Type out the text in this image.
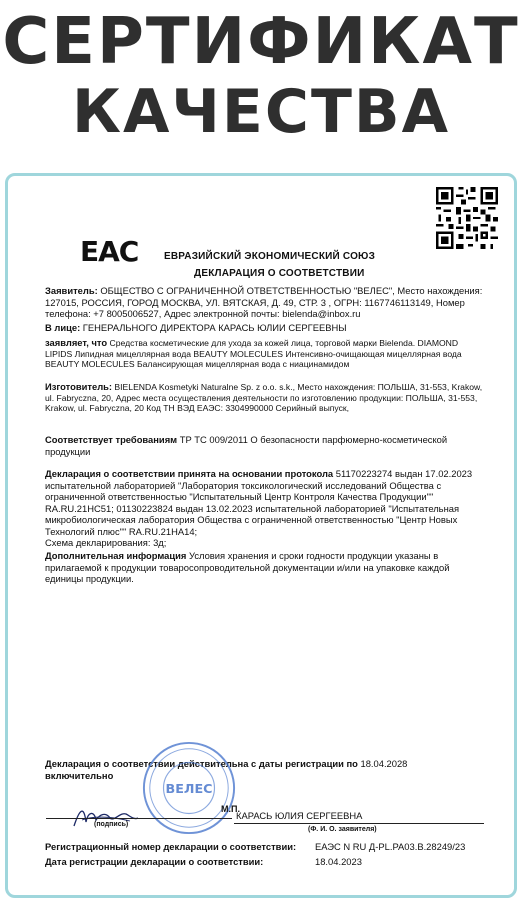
СЕРТИФИКАТ
КАЧЕСТВА
ЕАС	ЕВРАЗИЙСКИЙ ЭКОНОМИЧЕСКИЙ СОЮЗ
ДЕКЛАРАЦИЯ О СООТВЕТСТВИИ
Заявитель: ОБЩЕСТВО С ОГРАНИЧЕННОЙ ОТВЕТСТВЕННОСТЬЮ "ВЕЛЕС", Место нахождения: 127015, РОССИЯ, ГОРОД МОСКВА, УЛ. ВЯТСКАЯ, Д. 49, СТР. 3 , ОГРН: 1167746113149, Номер телефона: +7 8005006527, Адрес электронной почты: bielenda@inbox.ru
В лице: ГЕНЕРАЛЬНОГО ДИРЕКТОРА КАРАСЬ ЮЛИИ СЕРГЕЕВНЫ
заявляет, что Средства косметические для ухода за кожей лица, торговой марки Bielenda. DIAMOND LIPIDS Липидная мицеллярная вода BEAUTY MOLECULES Интенсивно-очищающая мицеллярная вода BEAUTY MOLECULES Балансирующая мицеллярная вода с ниацинамидом
Изготовитель: BIELENDA Kosmetyki Naturalne Sp. z o.o. s.k., Место нахождения: ПОЛЬША, 31-553, Krakow, ul. Fabryczna, 20, Адрес места осуществления деятельности по изготовлению продукции: ПОЛЬША, 31-553, Krakow, ul. Fabryczna, 20 Код ТН ВЭД ЕАЭС: 3304990000 Серийный выпуск,
Соответствует требованиям ТР ТС 009/2011 О безопасности парфюмерно-косметической продукции
Декларация о соответствии принята на основании протокола 51170223274 выдан 17.02.2023 испытательной лабораторией "Лаборатория токсикологический исследований Общества с ограниченной ответственностью "Испытательный Центр Контроля Качества Продукции"" RA.RU.21НС51; 01130223824 выдан 13.02.2023 испытательной лабораторией "Испытательная микробиологическая лаборатория Общества с ограниченной ответственностью "Центр Новых Технологий плюс"" RA.RU.21НА14;
Схема декларирования: 3д;
Дополнительная информация Условия хранения и сроки годности продукции указаны в прилагаемой к продукции товаросопроводительной документации и/или на упаковке каждой единицы продукции.
Декларация о соответствии действительна с даты регистрации по 18.04.2028
включительно
ВЕЛЕС
М.П.
(подпись)
КАРАСЬ ЮЛИЯ СЕРГЕЕВНА
(Ф. И. О. заявителя)
Регистрационный номер декларации о соответствии: ЕАЭС N RU Д-PL.PA03.B.28249/23
Дата регистрации декларации о соответствии:	18.04.2023
